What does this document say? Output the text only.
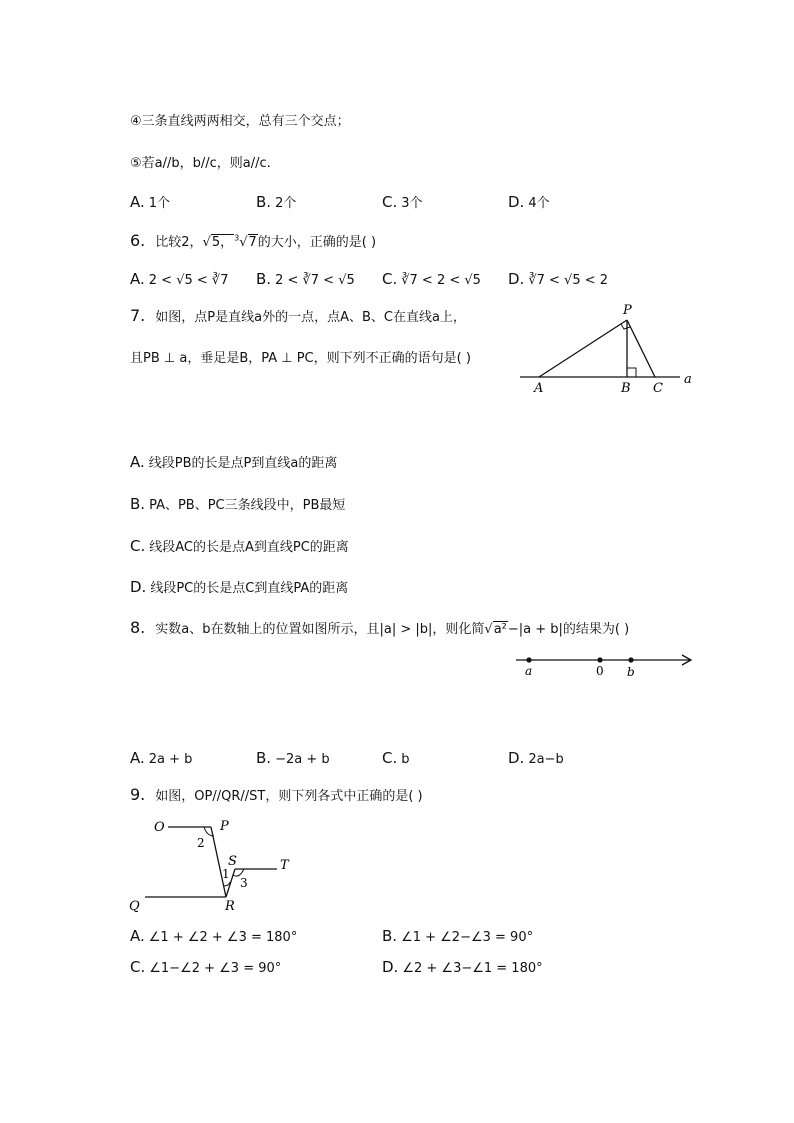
④三条直线两两相交，总有三个交点；
⑤若a//b，b//c，则a//c.
A. 1个	B. 2个	C. 3个	D. 4个
6. 比较2，√5，$^3$√7的大小，正确的是( )
A. 2 < √5 < ∛7 B. 2 < ∛7 < √5 C. ∛7 < 2 < √5 D. ∛7 < √5 < 2
7. 如图，点P是直线a外的一点，点A、B、C在直线a上，
且PB ⊥ a，垂足是B，PA ⊥ PC，则下列不正确的语句是( )
P
A	B C
a
A. 线段PB的长是点P到直线a的距离
B. PA、PB、PC三条线段中，PB最短
C. 线段AC的长是点A到直线PC的距离
D. 线段PC的长是点C到直线PA的距离
8. 实数a、b在数轴上的位置如图所示，且|a| > |b|，则化简√a²−|a + b|的结果为( )
a	0 b
A. 2a + b	B. −2a + b	C. b	D. 2a−b
9. 如图，OP//QR//ST，则下列各式中正确的是( )
O	P
2
S	T
1
3
Q	R
A. ∠1 + ∠2 + ∠3 = 180°	B. ∠1 + ∠2−∠3 = 90°
C. ∠1−∠2 + ∠3 = 90°	D. ∠2 + ∠3−∠1 = 180°
